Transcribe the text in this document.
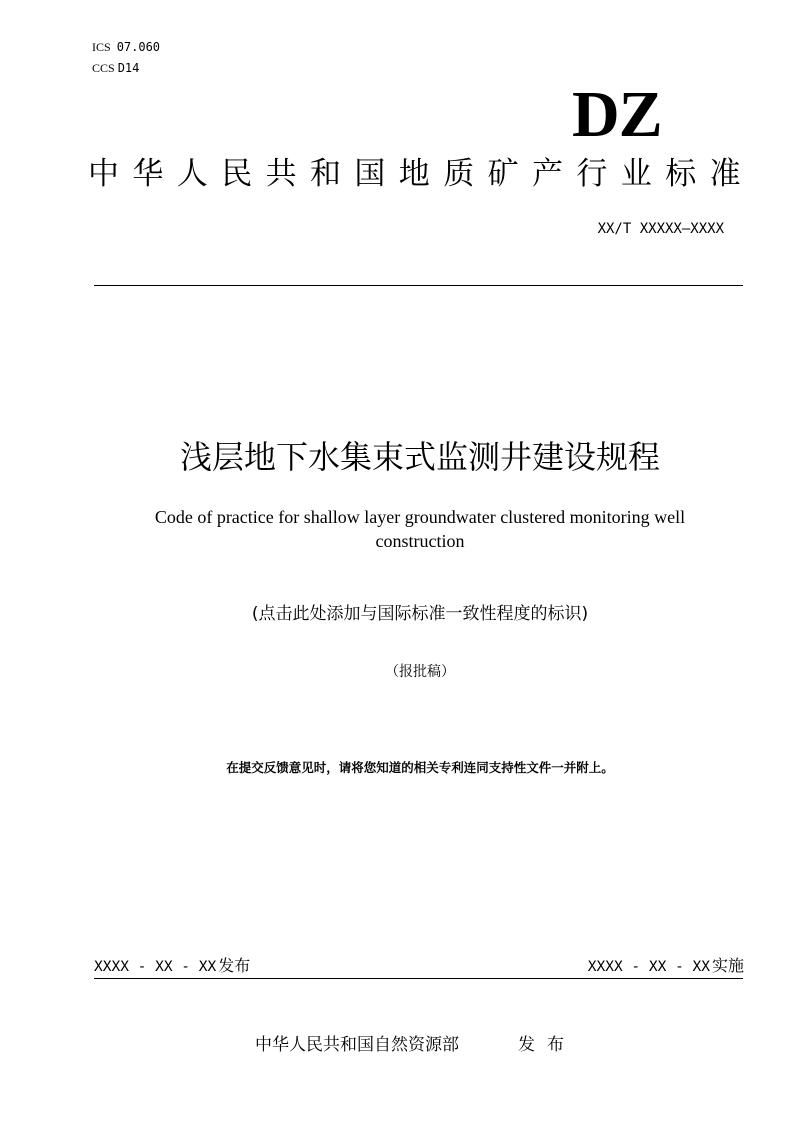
ICS 07.060
CCS D14
DZ
中华人民共和国地质矿产行业标准
XX/T XXXXX—XXXX
浅层地下水集束式监测井建设规程
Code of practice for shallow layer groundwater clustered monitoring well construction
(点击此处添加与国际标准一致性程度的标识)
（报批稿）
在提交反馈意见时，请将您知道的相关专利连同支持性文件一并附上。
XXXX - XX - XX 发布	XXXX - XX - XX 实施
中华人民共和国自然资源部	发布
